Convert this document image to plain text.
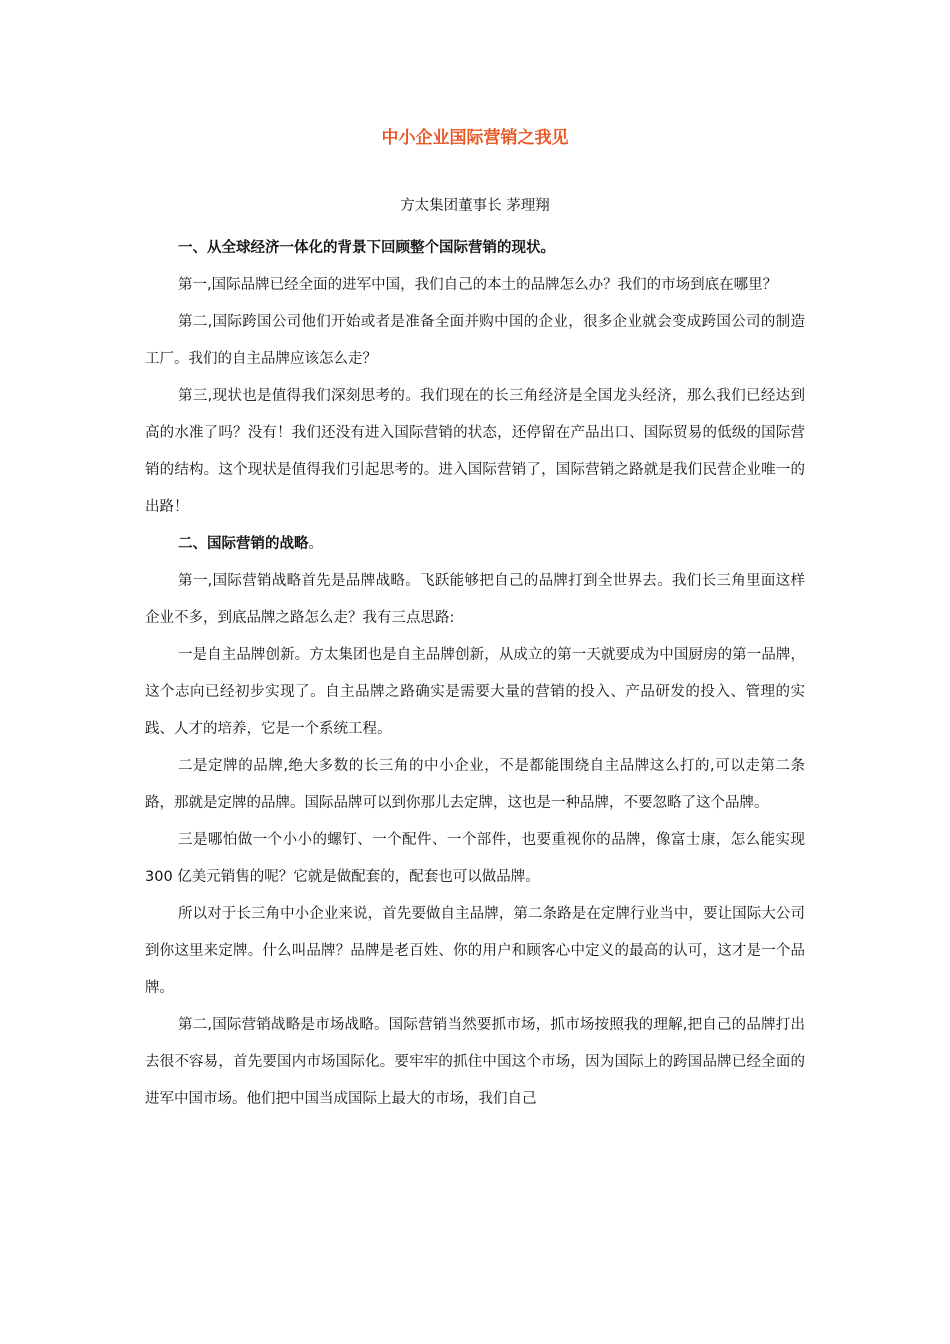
中小企业国际营销之我见

方太集团董事长 茅理翔

一、从全球经济一体化的背景下回顾整个国际营销的现状。

第一,国际品牌已经全面的进军中国，我们自己的本土的品牌怎么办？我们的市场到底在哪里？

第二,国际跨国公司他们开始或者是准备全面并购中国的企业，很多企业就会变成跨国公司的制造工厂。我们的自主品牌应该怎么走？

第三,现状也是值得我们深刻思考的。我们现在的长三角经济是全国龙头经济，那么我们已经达到高的水准了吗？没有！我们还没有进入国际营销的状态，还停留在产品出口、国际贸易的低级的国际营销的结构。这个现状是值得我们引起思考的。进入国际营销了，国际营销之路就是我们民营企业唯一的出路！

二、国际营销的战略。

第一,国际营销战略首先是品牌战略。飞跃能够把自己的品牌打到全世界去。我们长三角里面这样企业不多，到底品牌之路怎么走？我有三点思路:

一是自主品牌创新。方太集团也是自主品牌创新，从成立的第一天就要成为中国厨房的第一品牌，这个志向已经初步实现了。自主品牌之路确实是需要大量的营销的投入、产品研发的投入、管理的实践、人才的培养，它是一个系统工程。

二是定牌的品牌,绝大多数的长三角的中小企业，不是都能围绕自主品牌这么打的,可以走第二条路，那就是定牌的品牌。国际品牌可以到你那儿去定牌，这也是一种品牌，不要忽略了这个品牌。

三是哪怕做一个小小的螺钉、一个配件、一个部件，也要重视你的品牌，像富士康，怎么能实现 300 亿美元销售的呢？它就是做配套的，配套也可以做品牌。

所以对于长三角中小企业来说，首先要做自主品牌，第二条路是在定牌行业当中，要让国际大公司到你这里来定牌。什么叫品牌？品牌是老百姓、你的用户和顾客心中定义的最高的认可，这才是一个品牌。

第二,国际营销战略是市场战略。国际营销当然要抓市场，抓市场按照我的理解,把自己的品牌打出去很不容易，首先要国内市场国际化。要牢牢的抓住中国这个市场，因为国际上的跨国品牌已经全面的进军中国市场。他们把中国当成国际上最大的市场，我们自己
